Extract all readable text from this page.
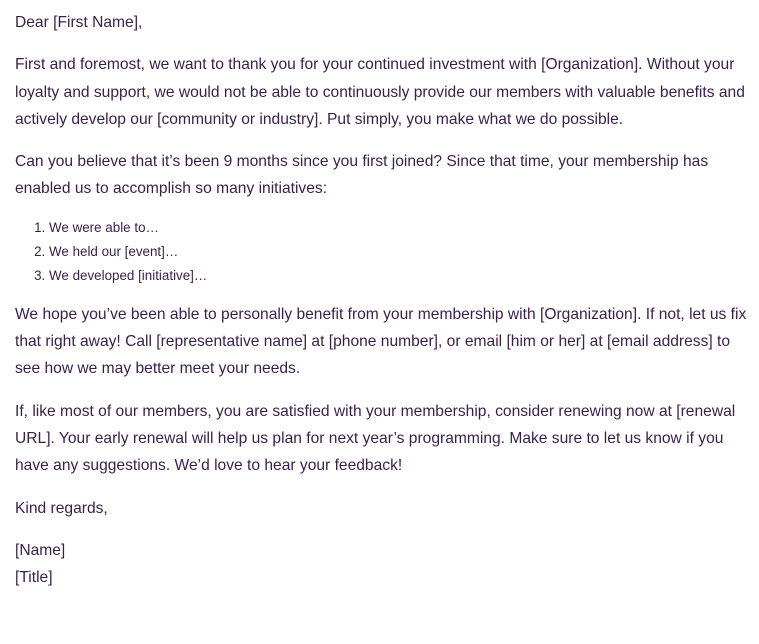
Dear [First Name],

First and foremost, we want to thank you for your continued investment with [Organization]. Without your loyalty and support, we would not be able to continuously provide our members with valuable benefits and actively develop our [community or industry]. Put simply, you make what we do possible.

Can you believe that it’s been 9 months since you first joined? Since that time, your membership has enabled us to accomplish so many initiatives:

1. We were able to…
2. We held our [event]…
3. We developed [initiative]…

We hope you’ve been able to personally benefit from your membership with [Organization]. If not, let us fix that right away! Call [representative name] at [phone number], or email [him or her] at [email address] to see how we may better meet your needs.

If, like most of our members, you are satisfied with your membership, consider renewing now at [renewal URL]. Your early renewal will help us plan for next year’s programming. Make sure to let us know if you have any suggestions. We’d love to hear your feedback!

Kind regards,

[Name]

[Title]
